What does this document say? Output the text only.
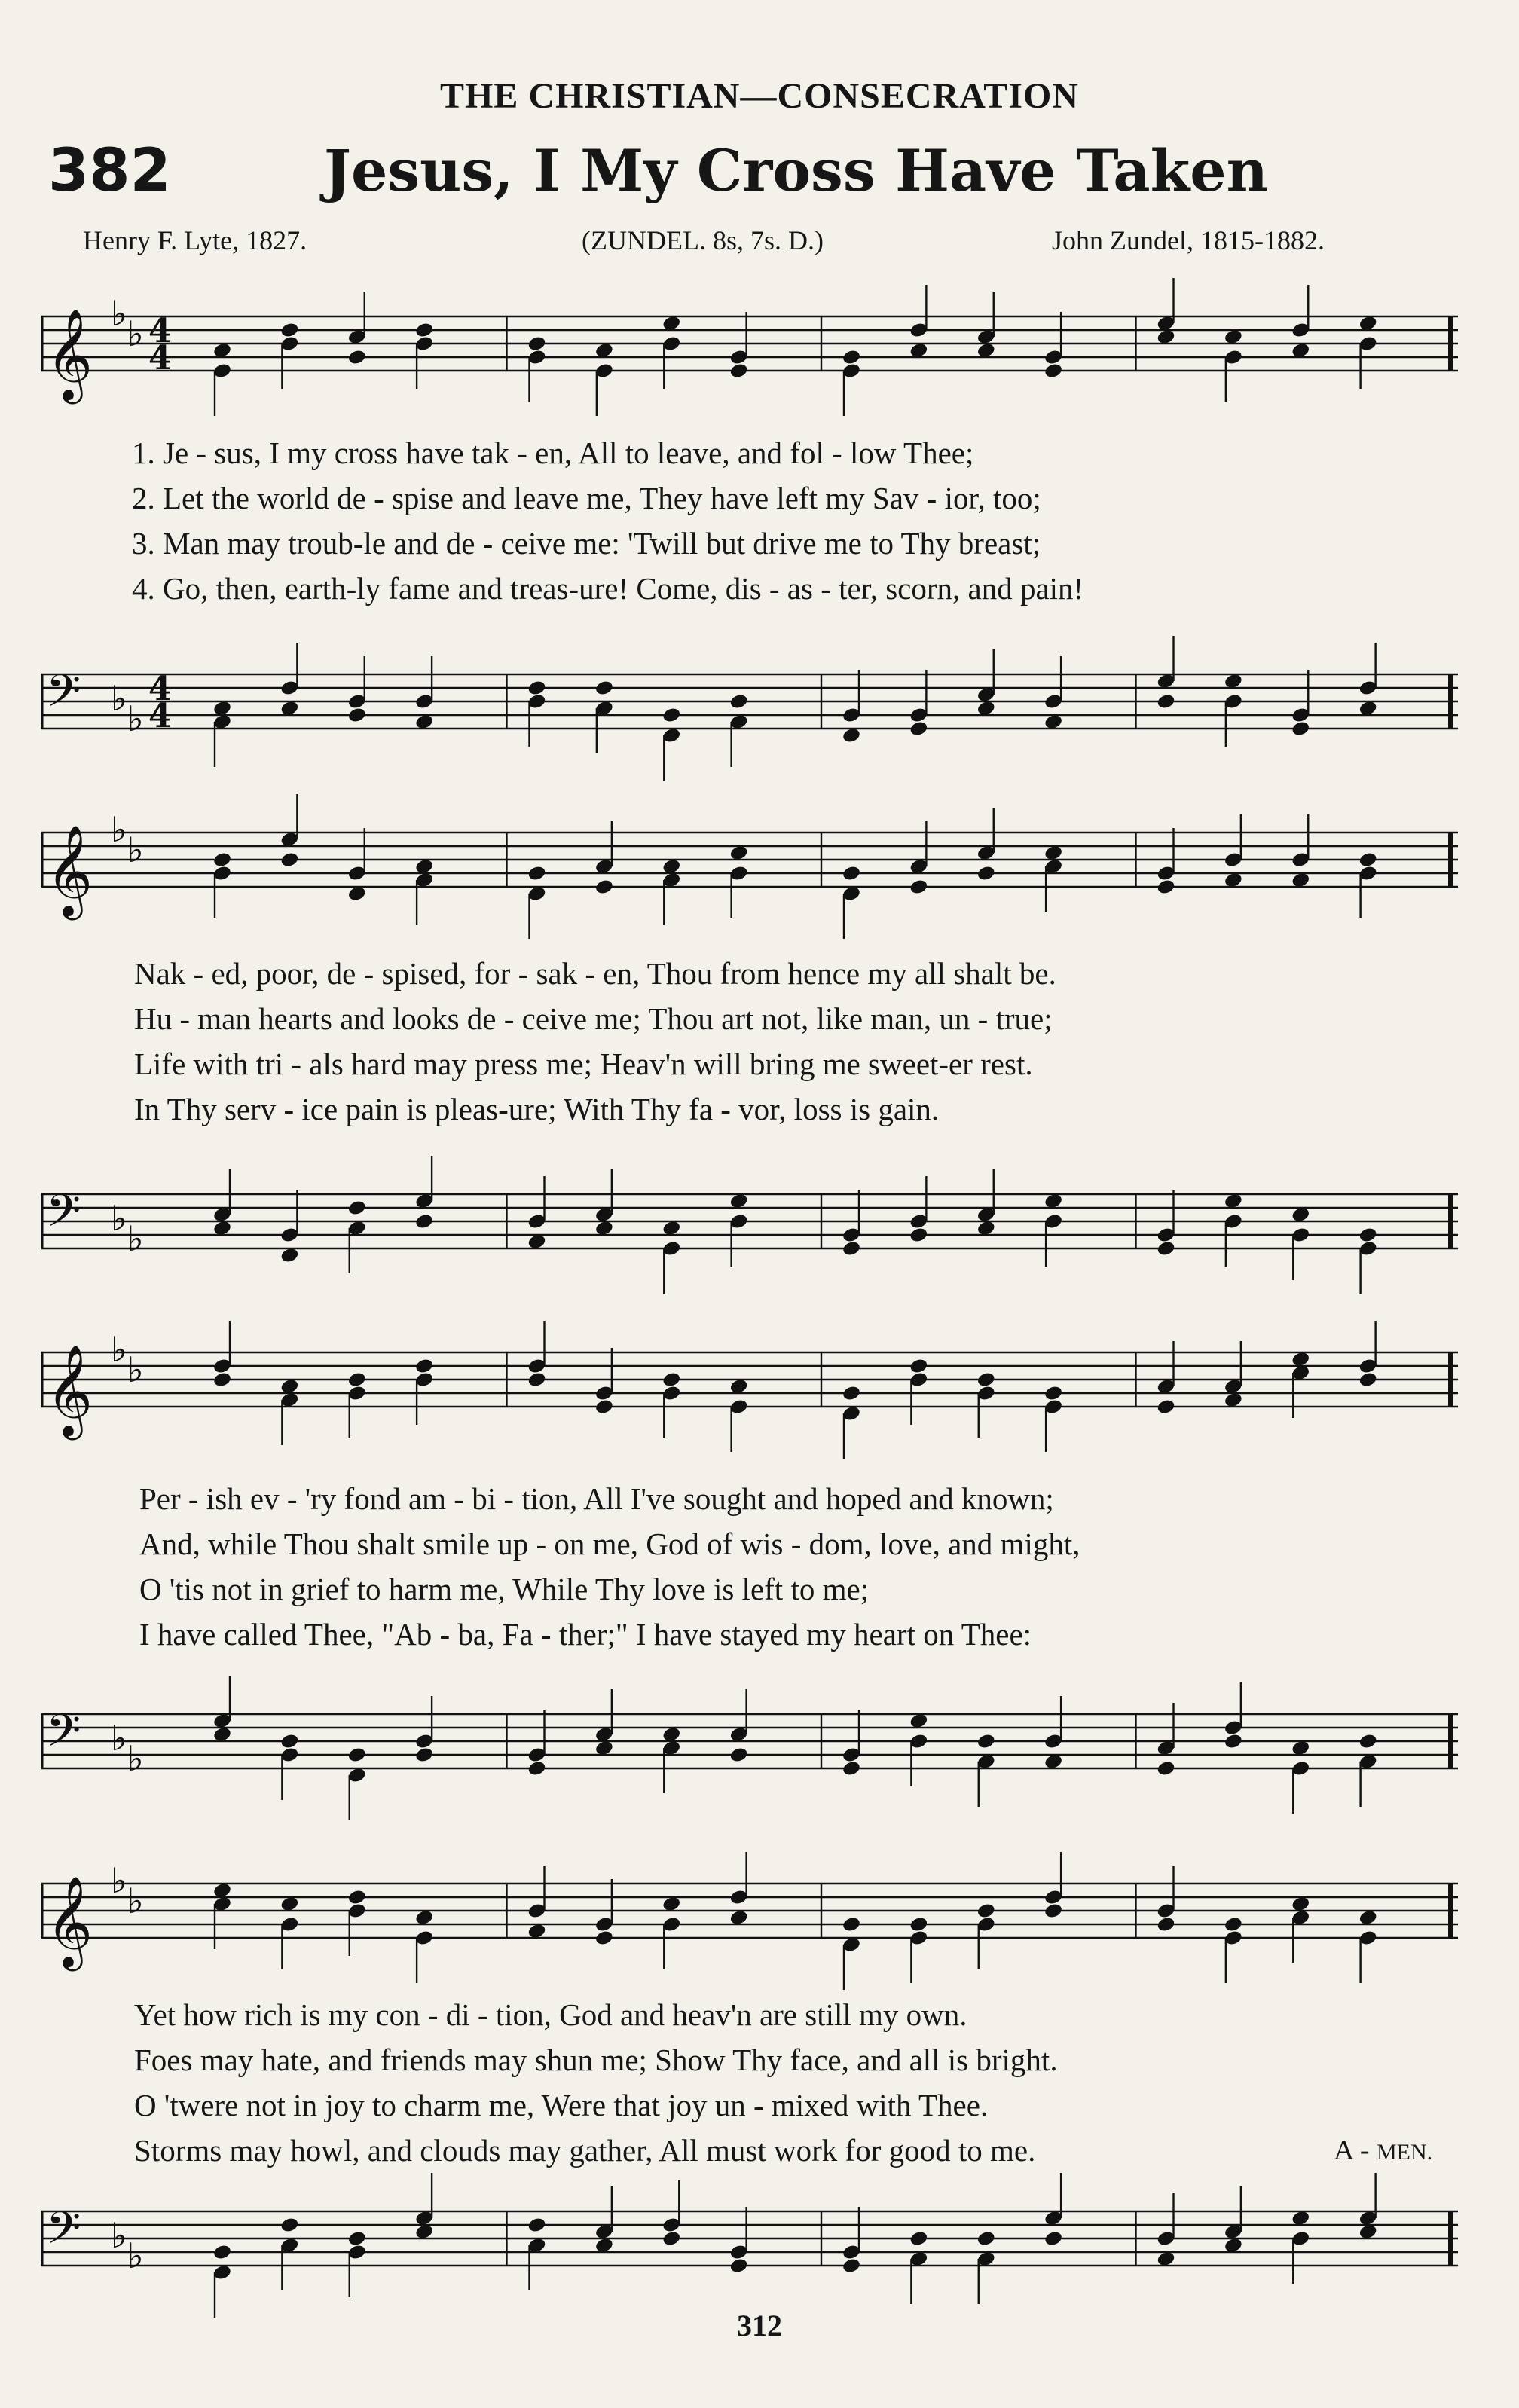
THE CHRISTIAN—CONSECRATION
382	Jesus, I My Cross Have Taken
Henry F. Lyte, 1827.	(ZUNDEL. 8s, 7s. D.)	John Zundel, 1815-1882.
𝄞 ♭ ♭ 4
4
1. Je - sus, I my cross have tak - en, All to leave, and fol - low Thee;
2. Let the world de - spise and leave me, They have left my Sav - ior, too;
3. Man may troub-le and de - ceive me: 'Twill but drive me to Thy breast;
4. Go, then, earth-ly fame and treas-ure! Come, dis - as - ter, scorn, and pain!
𝄢 ♭ ♭
4
4
𝄞 ♭ ♭
Nak - ed, poor, de - spised, for - sak - en, Thou from hence my all shalt be.
Hu - man hearts and looks de - ceive me; Thou art not, like man, un - true;
Life with tri - als hard may press me; Heav'n will bring me sweet-er rest.
In Thy serv - ice pain is pleas-ure; With Thy fa - vor, loss is gain.
𝄢 ♭ ♭
𝄞 ♭ ♭
Per - ish ev - 'ry fond am - bi - tion, All I've sought and hoped and known;
And, while Thou shalt smile up - on me, God of wis - dom, love, and might,
O 'tis not in grief to harm me, While Thy love is left to me;
I have called Thee, "Ab - ba, Fa - ther;" I have stayed my heart on Thee:
𝄢 ♭ ♭
𝄞 ♭ ♭
Yet how rich is my con - di - tion, God and heav'n are still my own.
Foes may hate, and friends may shun me; Show Thy face, and all is bright.
O 'twere not in joy to charm me, Were that joy un - mixed with Thee.
Storms may howl, and clouds may gather, All must work for good to me.	A - MEN.
𝄢 ♭ ♭
312
